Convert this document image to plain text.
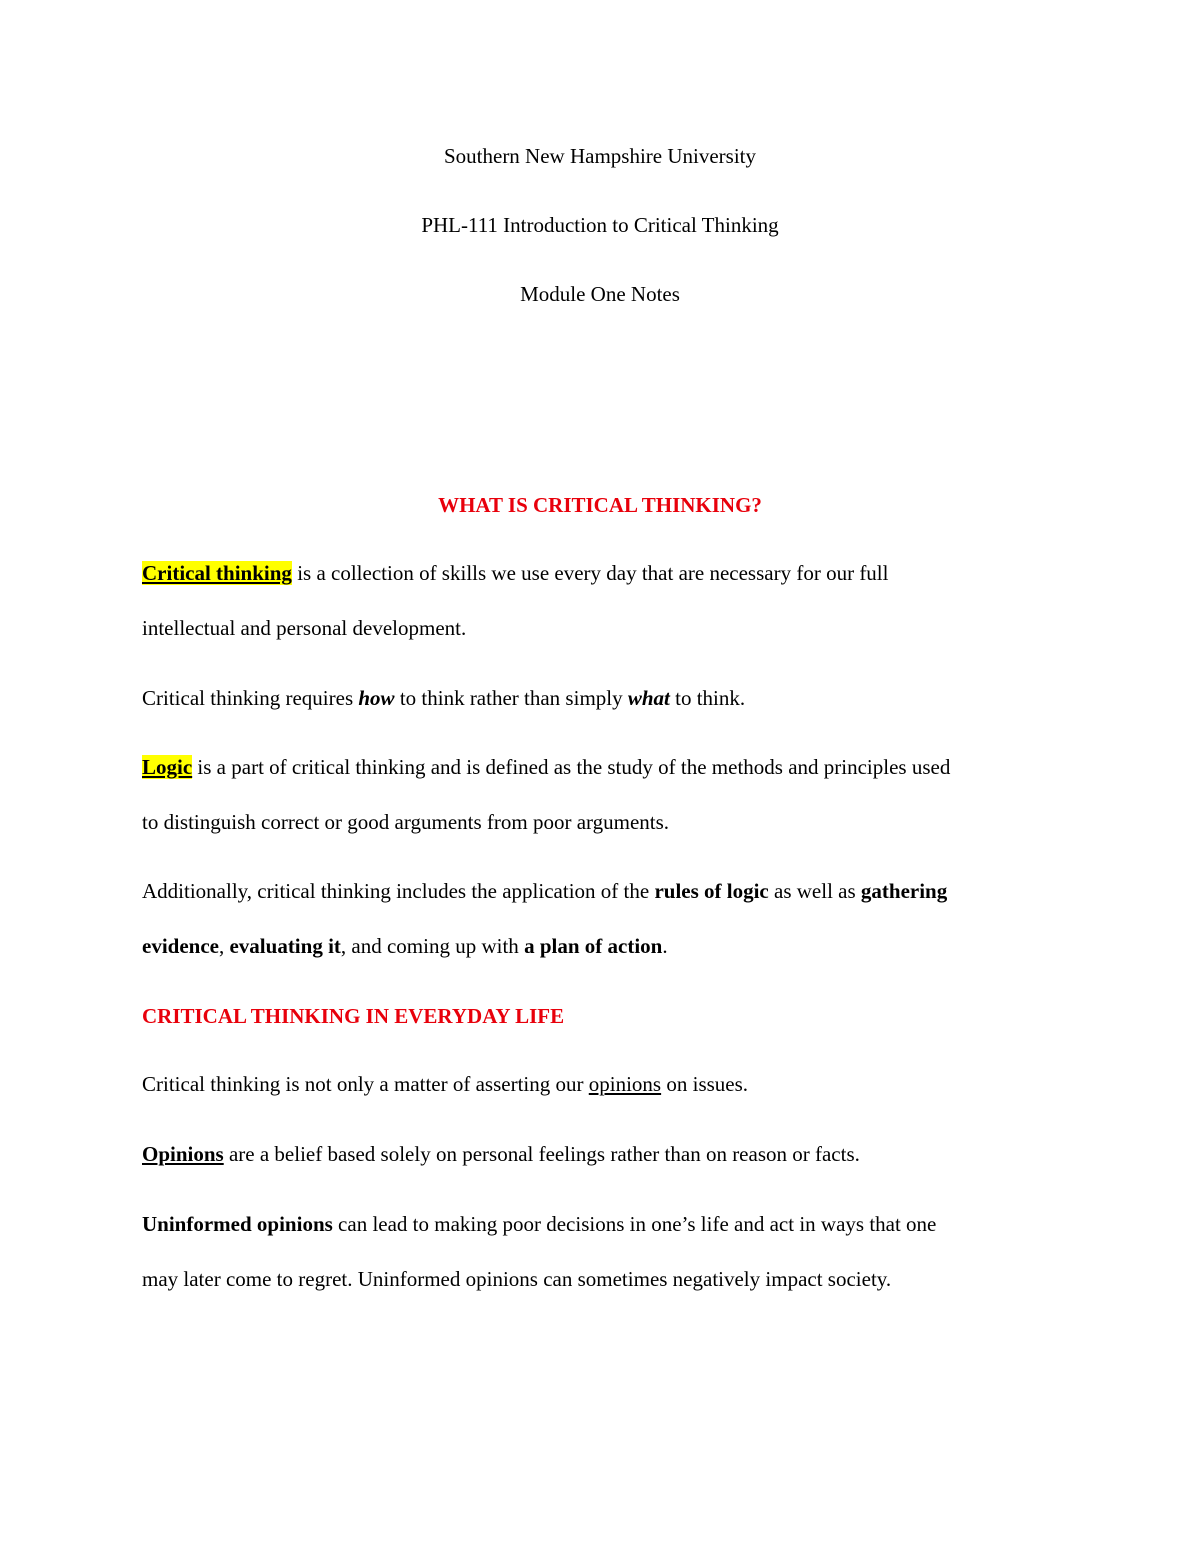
Southern New Hampshire University
PHL-111 Introduction to Critical Thinking
Module One Notes
WHAT IS CRITICAL THINKING?
Critical thinking is a collection of skills we use every day that are necessary for our full
intellectual and personal development.
Critical thinking requires how to think rather than simply what to think.
Logic is a part of critical thinking and is defined as the study of the methods and principles used
to distinguish correct or good arguments from poor arguments.
Additionally, critical thinking includes the application of the rules of logic as well as gathering
evidence, evaluating it, and coming up with a plan of action.
CRITICAL THINKING IN EVERYDAY LIFE
Critical thinking is not only a matter of asserting our opinions on issues.
Opinions are a belief based solely on personal feelings rather than on reason or facts.
Uninformed opinions can lead to making poor decisions in one’s life and act in ways that one
may later come to regret. Uninformed opinions can sometimes negatively impact society.
